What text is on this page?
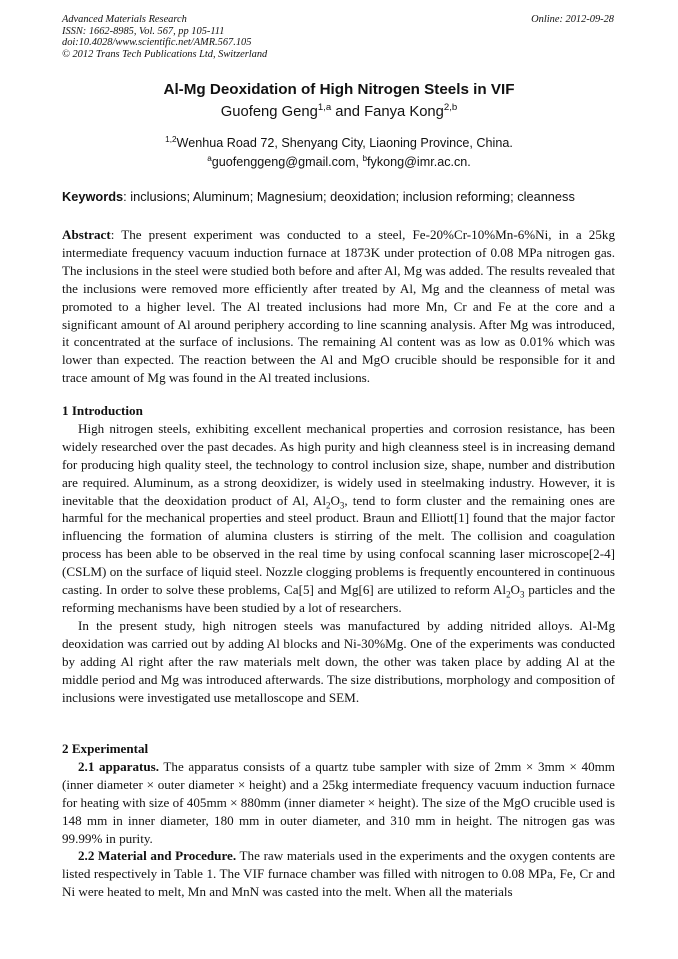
Advanced Materials Research
ISSN: 1662-8985, Vol. 567, pp 105-111
doi:10.4028/www.scientific.net/AMR.567.105
© 2012 Trans Tech Publications Ltd, Switzerland
Online: 2012-09-28
Al-Mg Deoxidation of High Nitrogen Steels in VIF
Guofeng Geng$^{1,a}$ and Fanya Kong$^{2,b}$
$^{1,2}$Wenhua Road 72, Shenyang City, Liaoning Province, China.
$^a$guofenggeng@gmail.com, $^b$fykong@imr.ac.cn.
Keywords: inclusions; Aluminum; Magnesium; deoxidation; inclusion reforming; cleanness

Abstract: The present experiment was conducted to a steel, Fe-20%Cr-10%Mn-6%Ni, in a 25kg intermediate frequency vacuum induction furnace at 1873K under protection of 0.08 MPa nitrogen gas. The inclusions in the steel were studied both before and after Al, Mg was added. The results revealed that the inclusions were removed more efficiently after treated by Al, Mg and the cleanness of metal was promoted to a higher level. The Al treated inclusions had more Mn, Cr and Fe at the core and a significant amount of Al around periphery according to line scanning analysis. After Mg was introduced, it concentrated at the surface of inclusions. The remaining Al content was as low as 0.01% which was lower than expected. The reaction between the Al and MgO crucible should be responsible for it and trace amount of Mg was found in the Al treated inclusions.

1 Introduction

High nitrogen steels, exhibiting excellent mechanical properties and corrosion resistance, has been widely researched over the past decades. As high purity and high cleanness steel is in increasing demand for producing high quality steel, the technology to control inclusion size, shape, number and distribution are required. Aluminum, as a strong deoxidizer, is widely used in steelmaking industry. However, it is inevitable that the deoxidation product of Al, $Al_2O_3$, tend to form cluster and the remaining ones are harmful for the mechanical properties and steel product. Braun and Elliott[1] found that the major factor influencing the formation of alumina clusters is stirring of the melt. The collision and coagulation process has been able to be observed in the real time by using confocal scanning laser microscope[2-4] (CSLM) on the surface of liquid steel. Nozzle clogging problems is frequently encountered in continuous casting. In order to solve these problems, Ca[5] and Mg[6] are utilized to reform $Al_2O_3$ particles and the reforming mechanisms have been studied by a lot of researchers.

In the present study, high nitrogen steels was manufactured by adding nitrided alloys. Al-Mg deoxidation was carried out by adding Al blocks and Ni-30%Mg. One of the experiments was conducted by adding Al right after the raw materials melt down, the other was taken place by adding Al at the middle period and Mg was introduced afterwards. The size distributions, morphology and composition of inclusions were investigated use metalloscope and SEM.

2 Experimental

2.1 apparatus. The apparatus consists of a quartz tube sampler with size of 2mm × 3mm × 40mm (inner diameter × outer diameter × height) and a 25kg intermediate frequency vacuum induction furnace for heating with size of 405mm × 880mm (inner diameter × height). The size of the MgO crucible used is 148 mm in inner diameter, 180 mm in outer diameter, and 310 mm in height. The nitrogen gas was 99.99% in purity.

2.2 Material and Procedure. The raw materials used in the experiments and the oxygen contents are listed respectively in Table 1. The VIF furnace chamber was filled with nitrogen to 0.08 MPa, Fe, Cr and Ni were heated to melt, Mn and MnN was casted into the melt. When all the materials
